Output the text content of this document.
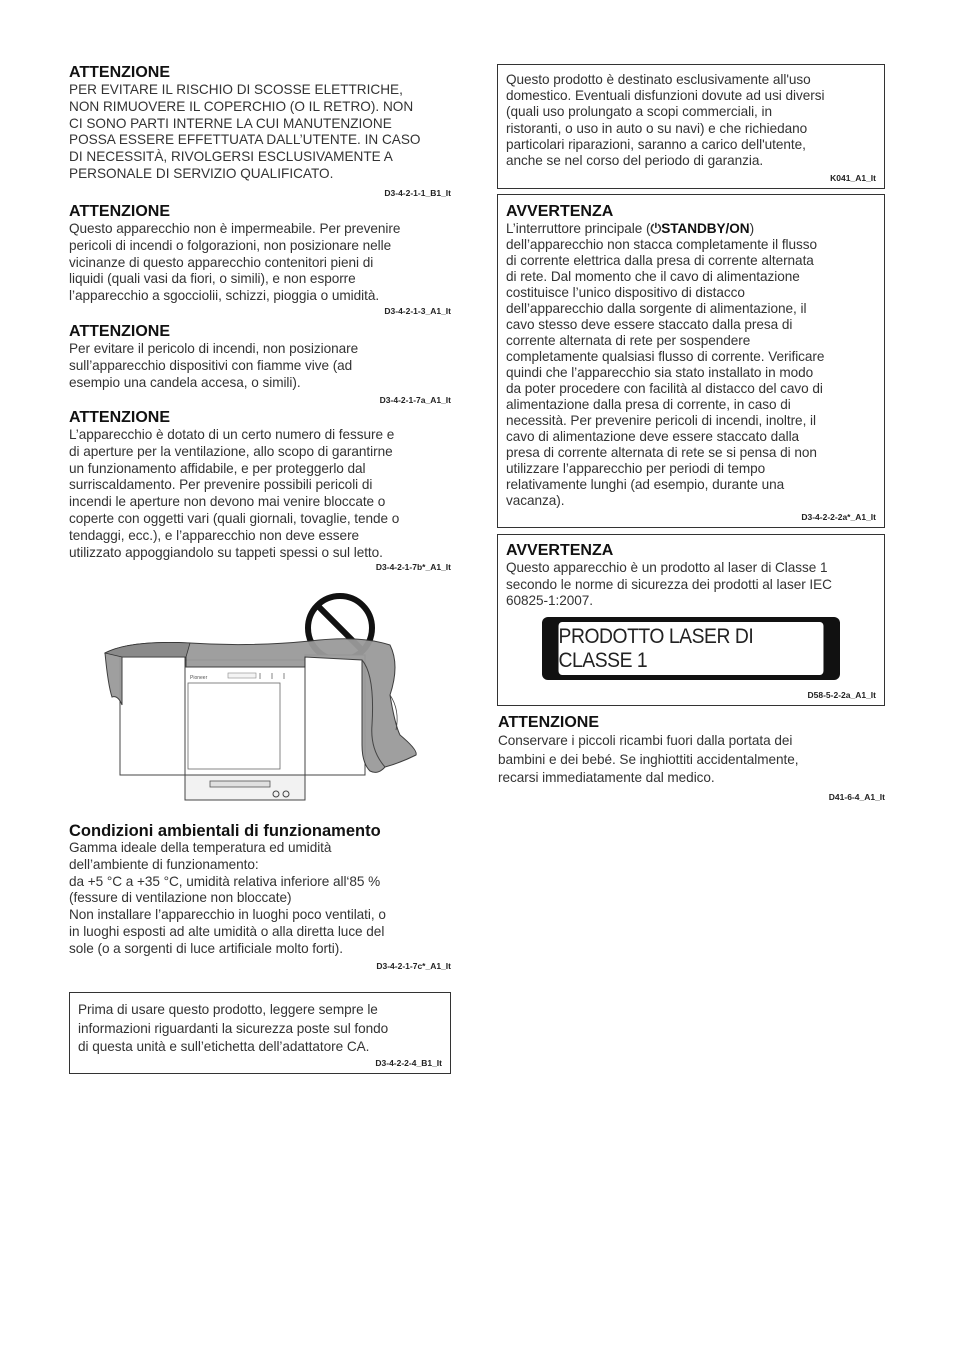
ATTENZIONE

PER EVITARE IL RISCHIO DI SCOSSE ELETTRICHE,
NON RIMUOVERE IL COPERCHIO (O IL RETRO). NON
CI SONO PARTI INTERNE LA CUI MANUTENZIONE
POSSA ESSERE EFFETTUATA DALL’UTENTE. IN CASO
DI NECESSITÀ, RIVOLGERSI ESCLUSIVAMENTE A
PERSONALE DI SERVIZIO QUALIFICATO.

D3-4-2-1-1_B1_It

ATTENZIONE

Questo apparecchio non è impermeabile. Per prevenire
pericoli di incendi o folgorazioni, non posizionare nelle
vicinanze di questo apparecchio contenitori pieni di
liquidi (quali vasi da fiori, o simili), e non esporre
l’apparecchio a sgocciolii, schizzi, pioggia o umidità.

D3-4-2-1-3_A1_It

ATTENZIONE

Per evitare il pericolo di incendi, non posizionare
sull’apparecchio dispositivi con fiamme vive (ad
esempio una candela accesa, o simili).

D3-4-2-1-7a_A1_It

ATTENZIONE

L’apparecchio è dotato di un certo numero di fessure e
di aperture per la ventilazione, allo scopo di garantirne
un funzionamento affidabile, e per proteggerlo dal
surriscaldamento. Per prevenire possibili pericoli di
incendi le aperture non devono mai venire bloccate o
coperte con oggetti vari (quali giornali, tovaglie, tende o
tendaggi, ecc.), e l’apparecchio non deve essere
utilizzato appoggiandolo su tappeti spessi o sul letto.

D3-4-2-1-7b*_A1_It

Pioneer

Condizioni ambientali di funzionamento

Gamma ideale della temperatura ed umidità
dell’ambiente di funzionamento:
da +5 °C a +35 °C, umidità relativa inferiore all‘85 %
(fessure di ventilazione non bloccate)
Non installare l’apparecchio in luoghi poco ventilati, o
in luoghi esposti ad alte umidità o alla diretta luce del
sole (o a sorgenti di luce artificiale molto forti).

D3-4-2-1-7c*_A1_It

Prima di usare questo prodotto, leggere sempre le
informazioni riguardanti la sicurezza poste sul fondo
di questa unità e sull’etichetta dell’adattatore CA.

D3-4-2-2-4_B1_It

Questo prodotto è destinato esclusivamente all'uso
domestico. Eventuali disfunzioni dovute ad usi diversi
(quali uso prolungato a scopi commerciali, in
ristoranti, o uso in auto o su navi) e che richiedano
particolari riparazioni, saranno a carico dell'utente,
anche se nel corso del periodo di garanzia.

K041_A1_It

AVVERTENZA

L’interruttore principale (⏻STANDBY/ON)
dell’apparecchio non stacca completamente il flusso
di corrente elettrica dalla presa di corrente alternata
di rete. Dal momento che il cavo di alimentazione
costituisce l’unico dispositivo di distacco
dell’apparecchio dalla sorgente di alimentazione, il
cavo stesso deve essere staccato dalla presa di
corrente alternata di rete per sospendere
completamente qualsiasi flusso di corrente. Verificare
quindi che l’apparecchio sia stato installato in modo
da poter procedere con facilità al distacco del cavo di
alimentazione dalla presa di corrente, in caso di
necessità. Per prevenire pericoli di incendi, inoltre, il
cavo di alimentazione deve essere staccato dalla
presa di corrente alternata di rete se si pensa di non
utilizzare l’apparecchio per periodi di tempo
relativamente lunghi (ad esempio, durante una
vacanza).

D3-4-2-2-2a*_A1_It

AVVERTENZA

Questo apparecchio è un prodotto al laser di Classe 1
secondo le norme di sicurezza dei prodotti al laser IEC
60825-1:2007.
PRODOTTO LASER DI CLASSE 1

D58-5-2-2a_A1_It

ATTENZIONE

Conservare i piccoli ricambi fuori dalla portata dei
bambini e dei bebé. Se inghiottiti accidentalmente,
recarsi immediatamente dal medico.

D41-6-4_A1_It
